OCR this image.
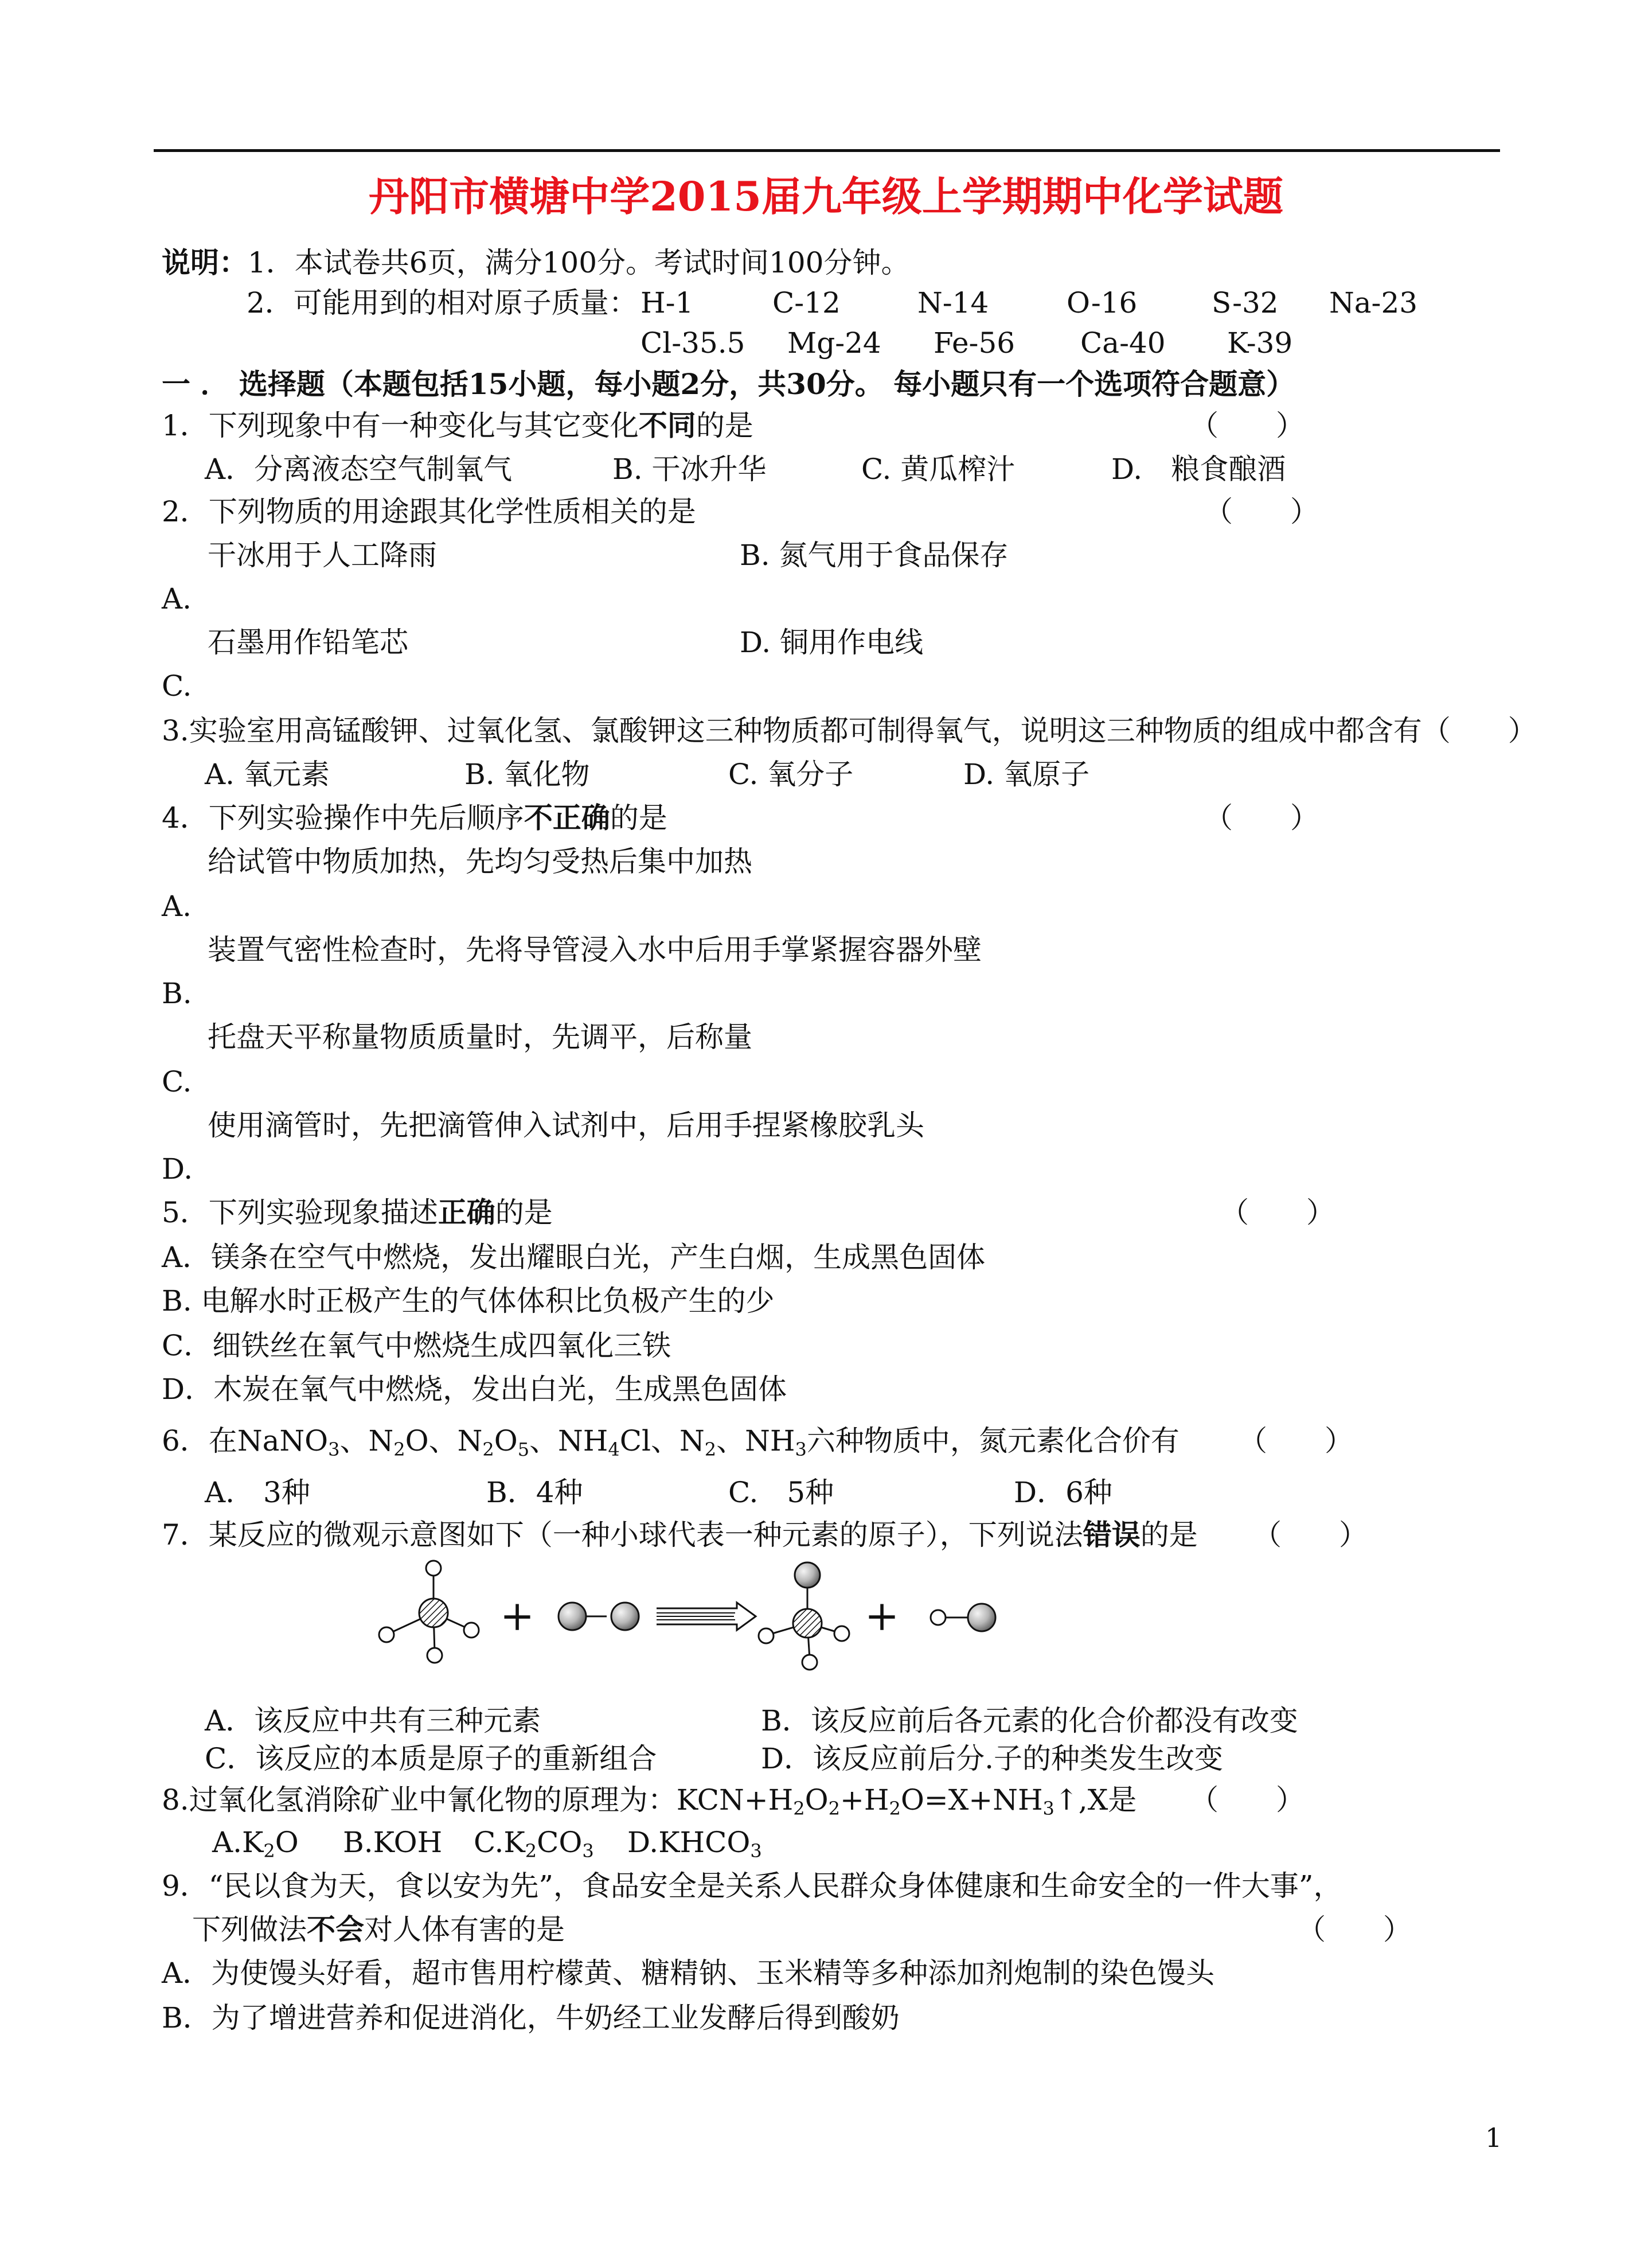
丹阳市横塘中学2015届九年级上学期期中化学试题
说明：1．本试卷共6页，满分100分。考试时间100分钟。
2．可能用到的相对原子质量： H-1	C-12	N-14	O-16	S-32 Na-23
Cl-35.5 Mg-24 Fe-56 Ca-40 K-39
一 ． 选择题（本题包括15小题，每小题2分，共30分。 每小题只有一个选项符合题意）
1．下列现象中有一种变化与其它变化不同的是	（　　）
A．分离液态空气制氧气	B. 干冰升华	C. 黄瓜榨汁	D.　粮食酿酒
2．下列物质的用途跟其化学性质相关的是	（　　）
干冰用于人工降雨	B. 氮气用于食品保存
A.
石墨用作铅笔芯	D. 铜用作电线
C.
3.实验室用高锰酸钾、过氧化氢、氯酸钾这三种物质都可制得氧气，说明这三种物质的组成中都含有（　　）
A. 氧元素	B. 氧化物	C. 氧分子	D. 氧原子
4．下列实验操作中先后顺序不正确的是	（　　）
给试管中物质加热，先均匀受热后集中加热
A.
装置气密性检查时，先将导管浸入水中后用手掌紧握容器外壁
B.
托盘天平称量物质质量时，先调平，后称量
C.
使用滴管时，先把滴管伸入试剂中，后用手捏紧橡胶乳头
D.
5．下列实验现象描述正确的是	（　　）
A．镁条在空气中燃烧，发出耀眼白光，产生白烟，生成黑色固体
B. 电解水时正极产生的气体体积比负极产生的少
C．细铁丝在氧气中燃烧生成四氧化三铁
D．木炭在氧气中燃烧，发出白光，生成黑色固体
6．在NaNO$_3$、$N_2O$、$N_2O_5$、$NH_4Cl$、$N_2$、$NH_3$六种物质中，氮元素化合价有 （　　）
A.　3种	B．4种	C.　5种	D．6种
7．某反应的微观示意图如下（一种小球代表一种元素的原子），下列说法错误的是 （　　）
+	+
A．该反应中共有三种元素	B．该反应前后各元素的化合价都没有改变
C．该反应的本质是原子的重新组合	D．该反应前后分.子的种类发生改变
8.过氧化氢消除矿业中氰化物的原理为：$KCN+H_2O_2+H_2O=X+NH_3↑,X$是 （　　）
$A.K_2O$ B.KOH $C.K_2CO_3$ $D.KHCO_3$
9．“民以食为天，食以安为先”，食品安全是关系人民群众身体健康和生命安全的一件大事”，
下列做法不会对人体有害的是	（　　）
A．为使馒头好看，超市售用柠檬黄、糖精钠、玉米精等多种添加剂炮制的染色馒头
B．为了增进营养和促进消化，牛奶经工业发酵后得到酸奶
1
